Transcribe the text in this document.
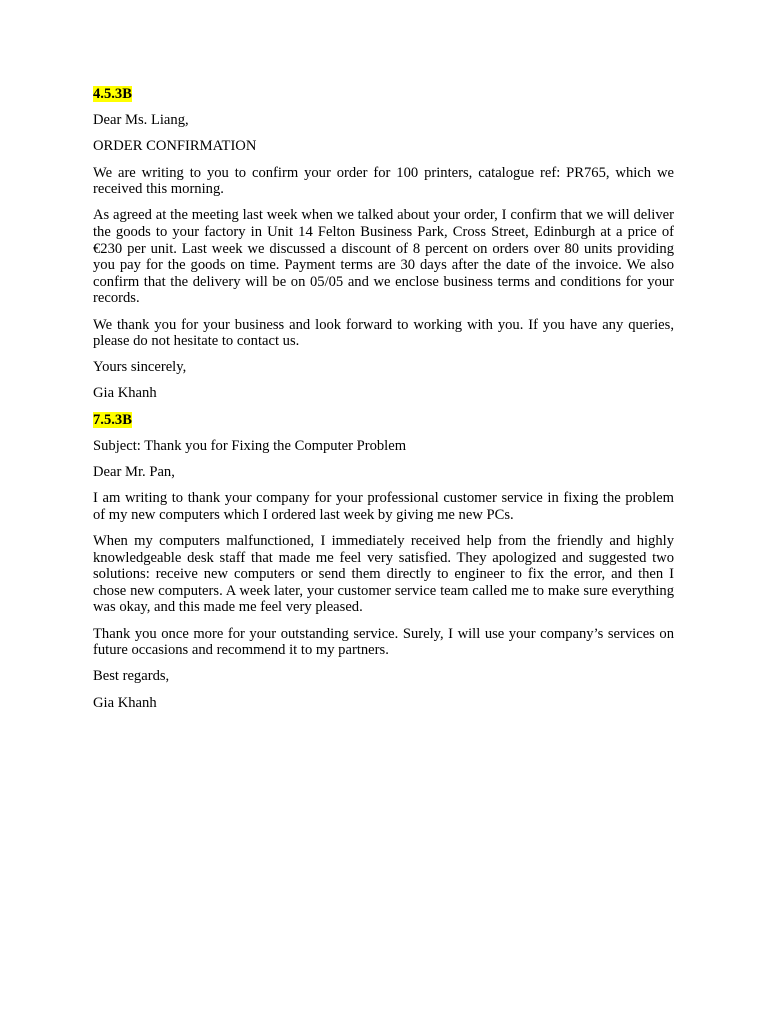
4.5.3B

Dear Ms. Liang,

ORDER CONFIRMATION

We are writing to you to confirm your order for 100 printers, catalogue ref: PR765, which we received this morning.

As agreed at the meeting last week when we talked about your order, I confirm that we will deliver the goods to your factory in Unit 14 Felton Business Park, Cross Street, Edinburgh at a price of €230 per unit. Last week we discussed a discount of 8 percent on orders over 80 units providing you pay for the goods on time. Payment terms are 30 days after the date of the invoice. We also confirm that the delivery will be on 05/05 and we enclose business terms and conditions for your records.

We thank you for your business and look forward to working with you. If you have any queries, please do not hesitate to contact us.

Yours sincerely,

Gia Khanh

7.5.3B

Subject: Thank you for Fixing the Computer Problem

Dear Mr. Pan,

I am writing to thank your company for your professional customer service in fixing the problem of my new computers which I ordered last week by giving me new PCs.

When my computers malfunctioned, I immediately received help from the friendly and highly knowledgeable desk staff that made me feel very satisfied. They apologized and suggested two solutions: receive new computers or send them directly to engineer to fix the error, and then I chose new computers. A week later, your customer service team called me to make sure everything was okay, and this made me feel very pleased.

Thank you once more for your outstanding service. Surely, I will use your company’s services on future occasions and recommend it to my partners.

Best regards,

Gia Khanh
